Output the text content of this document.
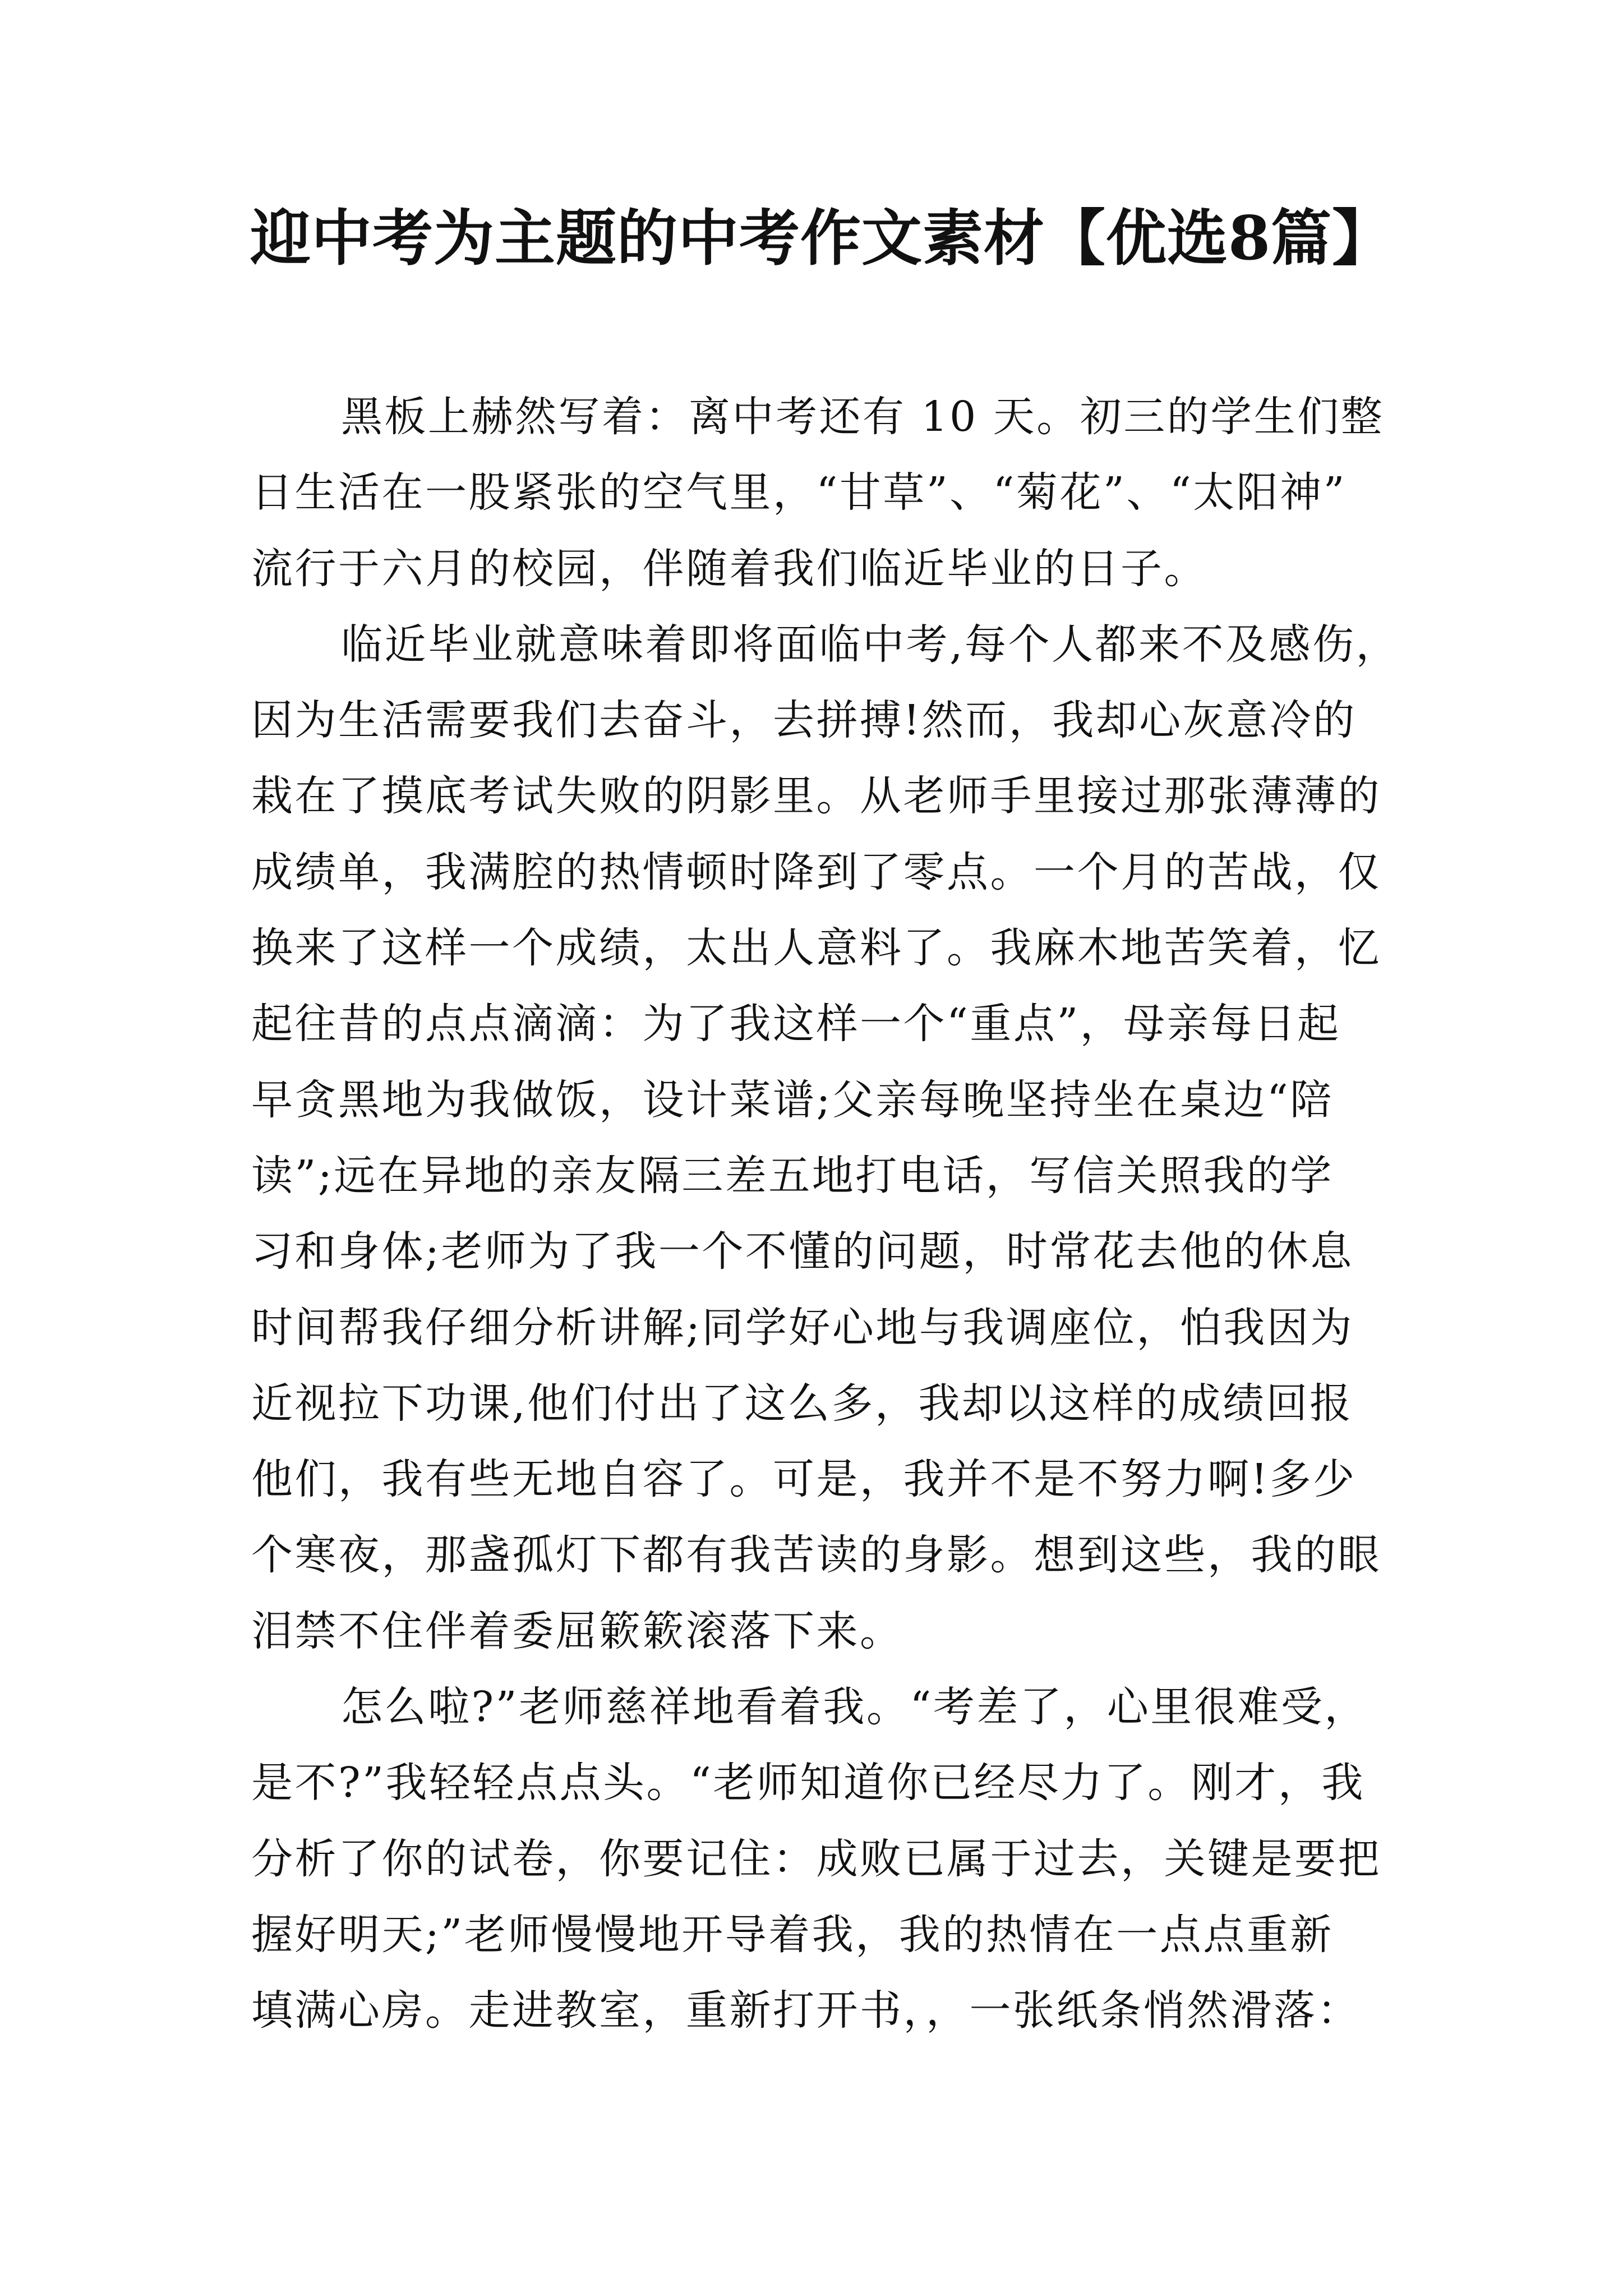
迎中考为主题的中考作文素材【优选8篇】
黑板上赫然写着：离中考还有 10 天。初三的学生们整
日生活在一股紧张的空气里，“甘草”、“菊花”、“太阳神”
流行于六月的校园，伴随着我们临近毕业的日子。
临近毕业就意味着即将面临中考,每个人都来不及感伤，
因为生活需要我们去奋斗，去拼搏!然而，我却心灰意冷的
栽在了摸底考试失败的阴影里。从老师手里接过那张薄薄的
成绩单，我满腔的热情顿时降到了零点。一个月的苦战，仅
换来了这样一个成绩，太出人意料了。我麻木地苦笑着，忆
起往昔的点点滴滴：为了我这样一个“重点”，母亲每日起
早贪黑地为我做饭，设计菜谱;父亲每晚坚持坐在桌边“陪
读”;远在异地的亲友隔三差五地打电话，写信关照我的学
习和身体;老师为了我一个不懂的问题，时常花去他的休息
时间帮我仔细分析讲解;同学好心地与我调座位，怕我因为
近视拉下功课,他们付出了这么多，我却以这样的成绩回报
他们，我有些无地自容了。可是，我并不是不努力啊!多少
个寒夜，那盏孤灯下都有我苦读的身影。想到这些，我的眼
泪禁不住伴着委屈簌簌滚落下来。
怎么啦?”老师慈祥地看着我。“考差了，心里很难受，
是不?”我轻轻点点头。“老师知道你已经尽力了。刚才，我
分析了你的试卷，你要记住：成败已属于过去，关键是要把
握好明天;”老师慢慢地开导着我，我的热情在一点点重新
填满心房。走进教室，重新打开书，，一张纸条悄然滑落：
